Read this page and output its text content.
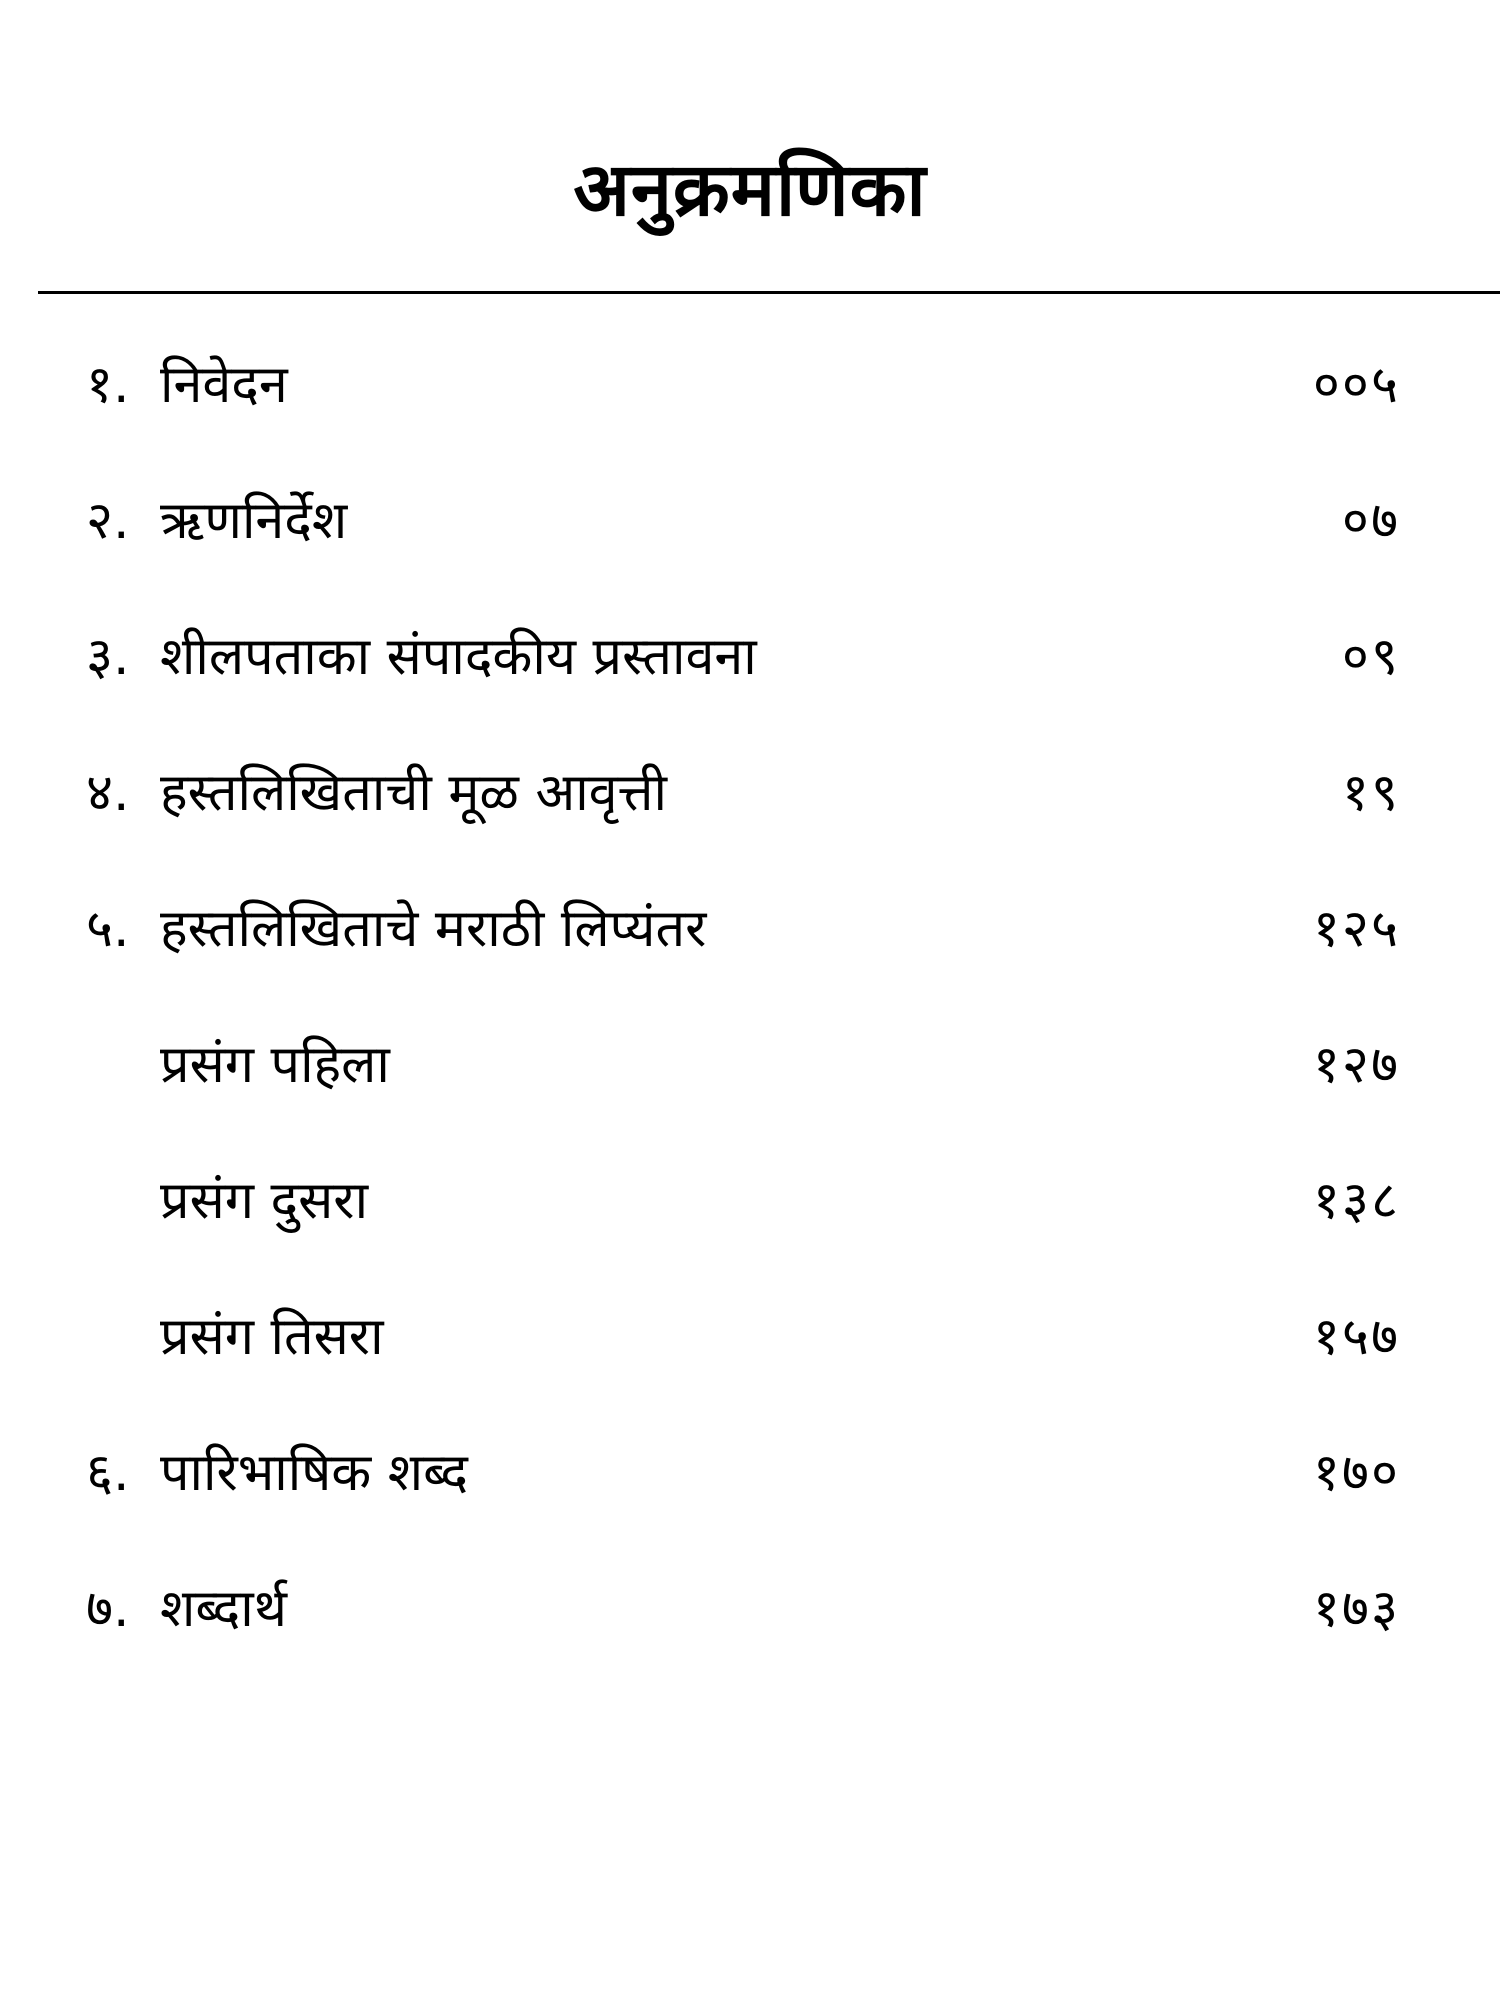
अनुक्रमणिका
१. निवेदन	००५
२. ऋणनिर्देश	०७
३. शीलपताका संपादकीय प्रस्तावना	०९
४. हस्तलिखिताची मूळ आवृत्ती	१९
५. हस्तलिखिताचे मराठी लिप्यंतर	१२५
प्रसंग पहिला	१२७
प्रसंग दुसरा	१३८
प्रसंग तिसरा	१५७
६. पारिभाषिक शब्द	१७०
७. शब्दार्थ	१७३
